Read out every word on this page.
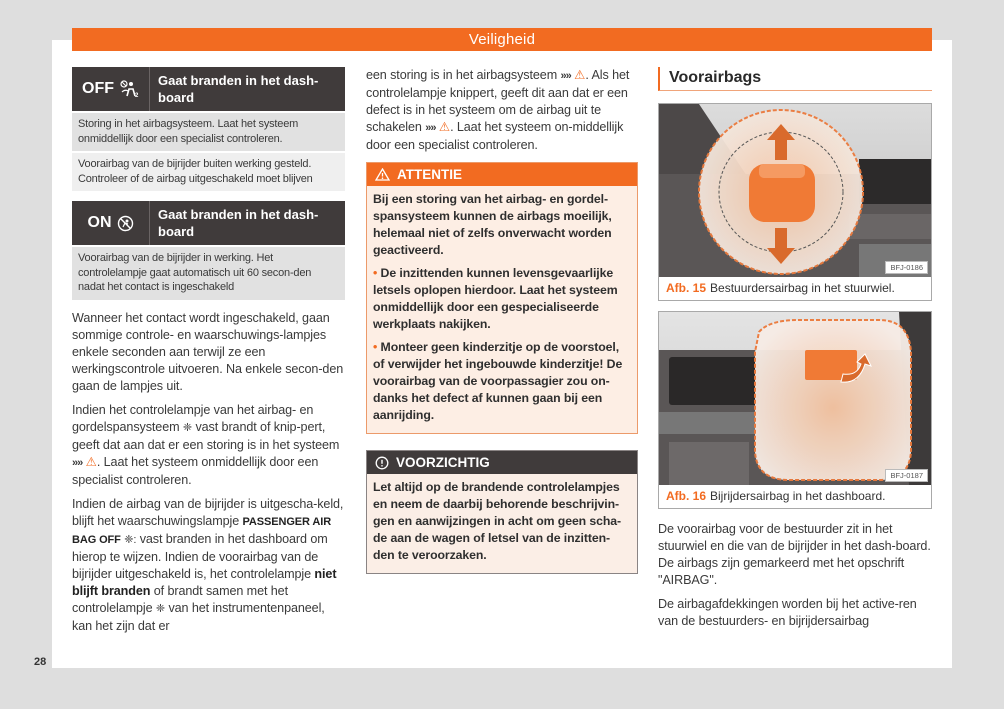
Veiligheid
OFF	2
Gaat branden in het dash-board
Storing in het airbagsysteem. Laat het systeem onmiddellijk door een specialist controleren.
Voorairbag van de bijrijder buiten werking gesteld. Controleer of de airbag uitgeschakeld moet blijven
ON	Gaat branden in het dash-board
Voorairbag van de bijrijder in werking. Het controlelampje gaat automatisch uit 60 secon-den nadat het contact is ingeschakeld

Wanneer het contact wordt ingeschakeld, gaan sommige controle- en waarschuwings-lampjes enkele seconden aan terwijl ze een werkingscontrole uitvoeren. Na enkele secon-den gaan de lampjes uit.

Indien het controlelampje van het airbag- en gordelspansysteem ❈ vast brandt of knip-pert, geeft dat aan dat er een storing is in het systeem »» ⚠. Laat het systeem onmiddellijk door een specialist controleren.

Indien de airbag van de bijrijder is uitgescha-keld, blijft het waarschuwingslampje PASSENGER AIR BAG OFF ❈: vast branden in het dashboard om hierop te wijzen. Indien de voorairbag van de bijrijder uitgeschakeld is, het controlelampje niet blijft branden of brandt samen met het controlelampje ❈ van het instrumentenpaneel, kan het zijn dat er

een storing is in het airbagsysteem »» ⚠. Als het controlelampje knippert, geeft dit aan dat er een defect is in het systeem om de airbag uit te schakelen »» ⚠. Laat het systeem on-middellijk door een specialist controleren.

ATTENTIE

Bij een storing van het airbag- en gordel-spansysteem kunnen de airbags moeilijk, helemaal niet of zelfs onverwacht worden geactiveerd.

• De inzittenden kunnen levensgevaarlijke letsels oplopen hierdoor. Laat het systeem onmiddellijk door een gespecialiseerde werkplaats nakijken.

• Monteer geen kinderzitje op de voorstoel, of verwijder het ingebouwde kinderzitje! De voorairbag van de voorpassagier zou on-danks het defect af kunnen gaan bij een aanrijding.

VOORZICHTIG

Let altijd op de brandende controlelampjes en neem de daarbij behorende beschrijvin-gen en aanwijzingen in acht om geen scha-de aan de wagen of letsel van de inzitten-den te veroorzaken.

Voorairbags
BFJ-0186
Afb. 15 Bestuurdersairbag in het stuurwiel.
BFJ-0187
Afb. 16 Bijrijdersairbag in het dashboard.

De voorairbag voor de bestuurder zit in het stuurwiel en die van de bijrijder in het dash-board. De airbags zijn gemarkeerd met het opschrift "AIRBAG".

De airbagafdekkingen worden bij het active-ren van de bestuurders- en bijrijdersairbag

28
